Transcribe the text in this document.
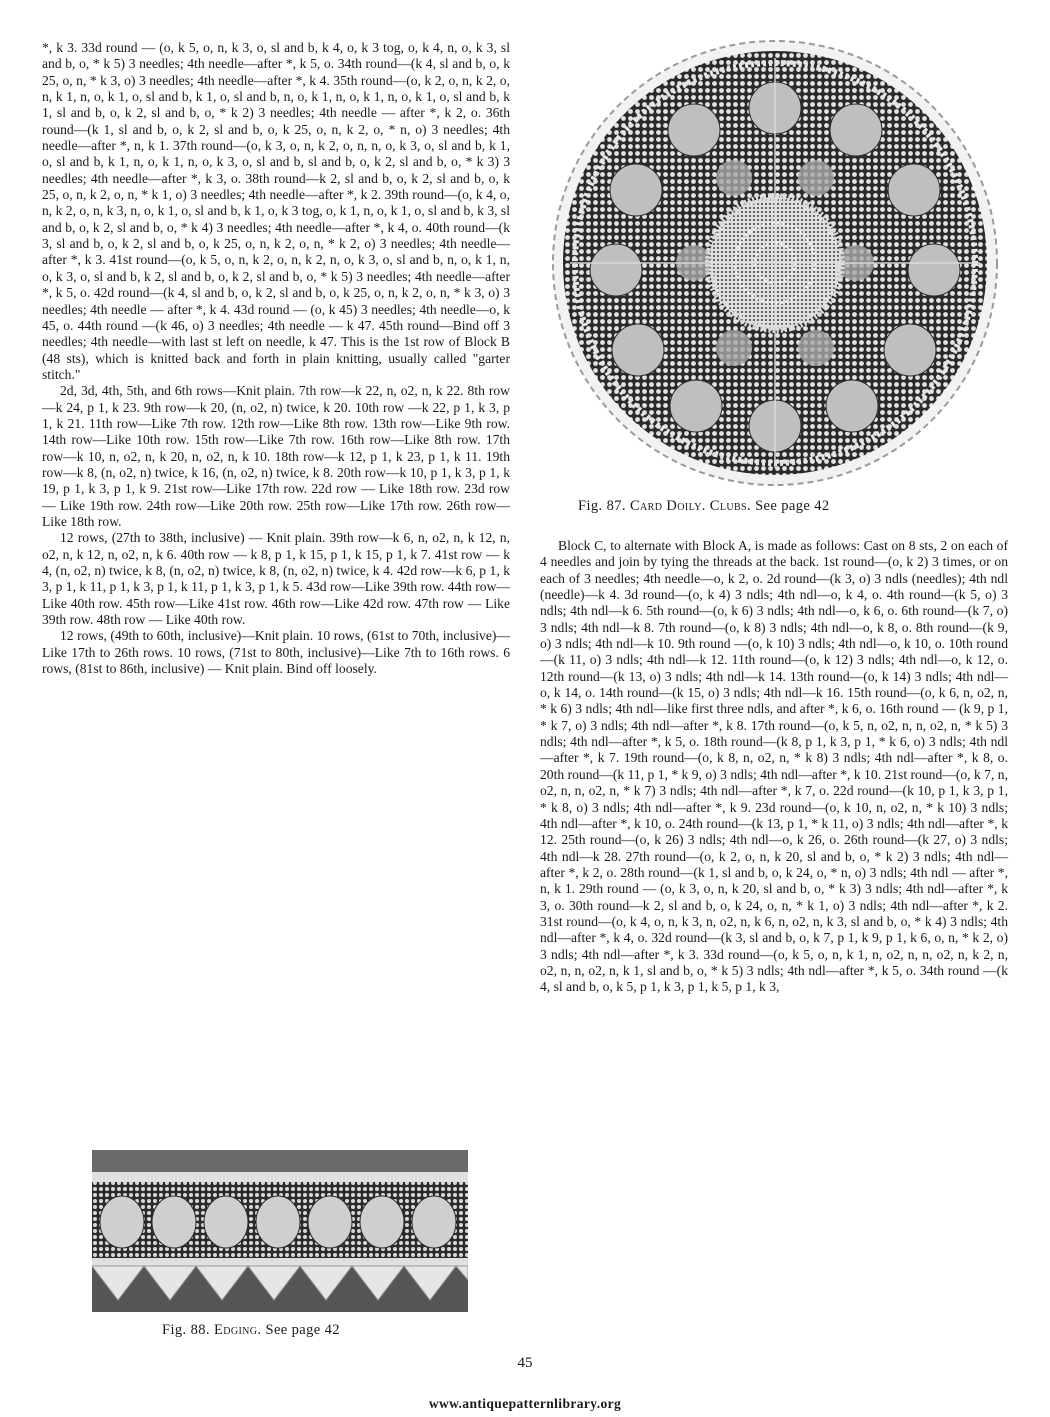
*, k 3. 33d round — (o, k 5, o, n, k 3, o, sl and b, k 4, o, k 3 tog, o, k 4, n, o, k 3, sl and b, o, * k 5) 3 needles; 4th needle—after *, k 5, o. 34th round—(k 4, sl and b, o, k 25, o, n, * k 3, o) 3 needles; 4th needle—after *, k 4. 35th round—(o, k 2, o, n, k 2, o, n, k 1, n, o, k 1, o, sl and b, k 1, o, sl and b, n, o, k 1, n, o, k 1, n, o, k 1, o, sl and b, k 1, sl and b, o, k 2, sl and b, o, * k 2) 3 needles; 4th needle — after *, k 2, o. 36th round—(k 1, sl and b, o, k 2, sl and b, o, k 25, o, n, k 2, o, * n, o) 3 needles; 4th needle—after *, n, k 1. 37th round—(o, k 3, o, n, k 2, o, n, n, o, k 3, o, sl and b, k 1, o, sl and b, k 1, n, o, k 1, n, o, k 3, o, sl and b, sl and b, o, k 2, sl and b, o, * k 3) 3 needles; 4th needle—after *, k 3, o. 38th round—k 2, sl and b, o, k 2, sl and b, o, k 25, o, n, k 2, o, n, * k 1, o) 3 needles; 4th needle—after *, k 2. 39th round—(o, k 4, o, n, k 2, o, n, k 3, n, o, k 1, o, sl and b, k 1, o, k 3 tog, o, k 1, n, o, k 1, o, sl and b, k 3, sl and b, o, k 2, sl and b, o, * k 4) 3 needles; 4th needle—after *, k 4, o. 40th round—(k 3, sl and b, o, k 2, sl and b, o, k 25, o, n, k 2, o, n, * k 2, o) 3 needles; 4th needle—after *, k 3. 41st round—(o, k 5, o, n, k 2, o, n, k 2, n, o, k 3, o, sl and b, n, o, k 1, n, o, k 3, o, sl and b, k 2, sl and b, o, k 2, sl and b, o, * k 5) 3 needles; 4th needle—after *, k 5, o. 42d round—(k 4, sl and b, o, k 2, sl and b, o, k 25, o, n, k 2, o, n, * k 3, o) 3 needles; 4th needle — after *, k 4. 43d round — (o, k 45) 3 needles; 4th needle—o, k 45, o. 44th round —(k 46, o) 3 needles; 4th needle — k 47. 45th round—Bind off 3 needles; 4th needle—with last st left on needle, k 47. This is the 1st row of Block B (48 sts), which is knitted back and forth in plain knitting, usually called "garter stitch."

2d, 3d, 4th, 5th, and 6th rows—Knit plain. 7th row—k 22, n, o2, n, k 22. 8th row—k 24, p 1, k 23. 9th row—k 20, (n, o2, n) twice, k 20. 10th row —k 22, p 1, k 3, p 1, k 21. 11th row—Like 7th row. 12th row—Like 8th row. 13th row—Like 9th row. 14th row—Like 10th row. 15th row—Like 7th row. 16th row—Like 8th row. 17th row—k 10, n, o2, n, k 20, n, o2, n, k 10. 18th row—k 12, p 1, k 23, p 1, k 11. 19th row—k 8, (n, o2, n) twice, k 16, (n, o2, n) twice, k 8. 20th row—k 10, p 1, k 3, p 1, k 19, p 1, k 3, p 1, k 9. 21st row—Like 17th row. 22d row — Like 18th row. 23d row — Like 19th row. 24th row—Like 20th row. 25th row—Like 17th row. 26th row—Like 18th row.

12 rows, (27th to 38th, inclusive) — Knit plain. 39th row—k 6, n, o2, n, k 12, n, o2, n, k 12, n, o2, n, k 6. 40th row — k 8, p 1, k 15, p 1, k 15, p 1, k 7. 41st row — k 4, (n, o2, n) twice, k 8, (n, o2, n) twice, k 8, (n, o2, n) twice, k 4. 42d row—k 6, p 1, k 3, p 1, k 11, p 1, k 3, p 1, k 11, p 1, k 3, p 1, k 5. 43d row—Like 39th row. 44th row—Like 40th row. 45th row—Like 41st row. 46th row—Like 42d row. 47th row — Like 39th row. 48th row — Like 40th row.

12 rows, (49th to 60th, inclusive)—Knit plain. 10 rows, (61st to 70th, inclusive)—Like 17th to 26th rows. 10 rows, (71st to 80th, inclusive)—Like 7th to 16th rows. 6 rows, (81st to 86th, inclusive) — Knit plain. Bind off loosely.

Fig. 87. Card Doily. Clubs. See page 42

Block C, to alternate with Block A, is made as follows: Cast on 8 sts, 2 on each of 4 needles and join by tying the threads at the back. 1st round—(o, k 2) 3 times, or on each of 3 needles; 4th needle—o, k 2, o. 2d round—(k 3, o) 3 ndls (needles); 4th ndl (needle)—k 4. 3d round—(o, k 4) 3 ndls; 4th ndl—o, k 4, o. 4th round—(k 5, o) 3 ndls; 4th ndl—k 6. 5th round—(o, k 6) 3 ndls; 4th ndl—o, k 6, o. 6th round—(k 7, o) 3 ndls; 4th ndl—k 8. 7th round—(o, k 8) 3 ndls; 4th ndl—o, k 8, o. 8th round—(k 9, o) 3 ndls; 4th ndl—k 10. 9th round —(o, k 10) 3 ndls; 4th ndl—o, k 10, o. 10th round —(k 11, o) 3 ndls; 4th ndl—k 12. 11th round—(o, k 12) 3 ndls; 4th ndl—o, k 12, o. 12th round—(k 13, o) 3 ndls; 4th ndl—k 14. 13th round—(o, k 14) 3 ndls; 4th ndl—o, k 14, o. 14th round—(k 15, o) 3 ndls; 4th ndl—k 16. 15th round—(o, k 6, n, o2, n, * k 6) 3 ndls; 4th ndl—like first three ndls, and after *, k 6, o. 16th round — (k 9, p 1, * k 7, o) 3 ndls; 4th ndl—after *, k 8. 17th round—(o, k 5, n, o2, n, n, o2, n, * k 5) 3 ndls; 4th ndl—after *, k 5, o. 18th round—(k 8, p 1, k 3, p 1, * k 6, o) 3 ndls; 4th ndl—after *, k 7. 19th round—(o, k 8, n, o2, n, * k 8) 3 ndls; 4th ndl—after *, k 8, o. 20th round—(k 11, p 1, * k 9, o) 3 ndls; 4th ndl—after *, k 10. 21st round—(o, k 7, n, o2, n, n, o2, n, * k 7) 3 ndls; 4th ndl—after *, k 7, o. 22d round—(k 10, p 1, k 3, p 1, * k 8, o) 3 ndls; 4th ndl—after *, k 9. 23d round—(o, k 10, n, o2, n, * k 10) 3 ndls; 4th ndl—after *, k 10, o. 24th round—(k 13, p 1, * k 11, o) 3 ndls; 4th ndl—after *, k 12. 25th round—(o, k 26) 3 ndls; 4th ndl—o, k 26, o. 26th round—(k 27, o) 3 ndls; 4th ndl—k 28. 27th round—(o, k 2, o, n, k 20, sl and b, o, * k 2) 3 ndls; 4th ndl—after *, k 2, o. 28th round—(k 1, sl and b, o, k 24, o, * n, o) 3 ndls; 4th ndl — after *, n, k 1. 29th round — (o, k 3, o, n, k 20, sl and b, o, * k 3) 3 ndls; 4th ndl—after *, k 3, o. 30th round—k 2, sl and b, o, k 24, o, n, * k 1, o) 3 ndls; 4th ndl—after *, k 2. 31st round—(o, k 4, o, n, k 3, n, o2, n, k 6, n, o2, n, k 3, sl and b, o, * k 4) 3 ndls; 4th ndl—after *, k 4, o. 32d round—(k 3, sl and b, o, k 7, p 1, k 9, p 1, k 6, o, n, * k 2, o) 3 ndls; 4th ndl—after *, k 3. 33d round—(o, k 5, o, n, k 1, n, o2, n, n, o2, n, k 2, n, o2, n, n, o2, n, k 1, sl and b, o, * k 5) 3 ndls; 4th ndl—after *, k 5, o. 34th round —(k 4, sl and b, o, k 5, p 1, k 3, p 1, k 5, p 1, k 3,

Fig. 88. Edging. See page 42
45
www.antiquepatternlibrary.org
